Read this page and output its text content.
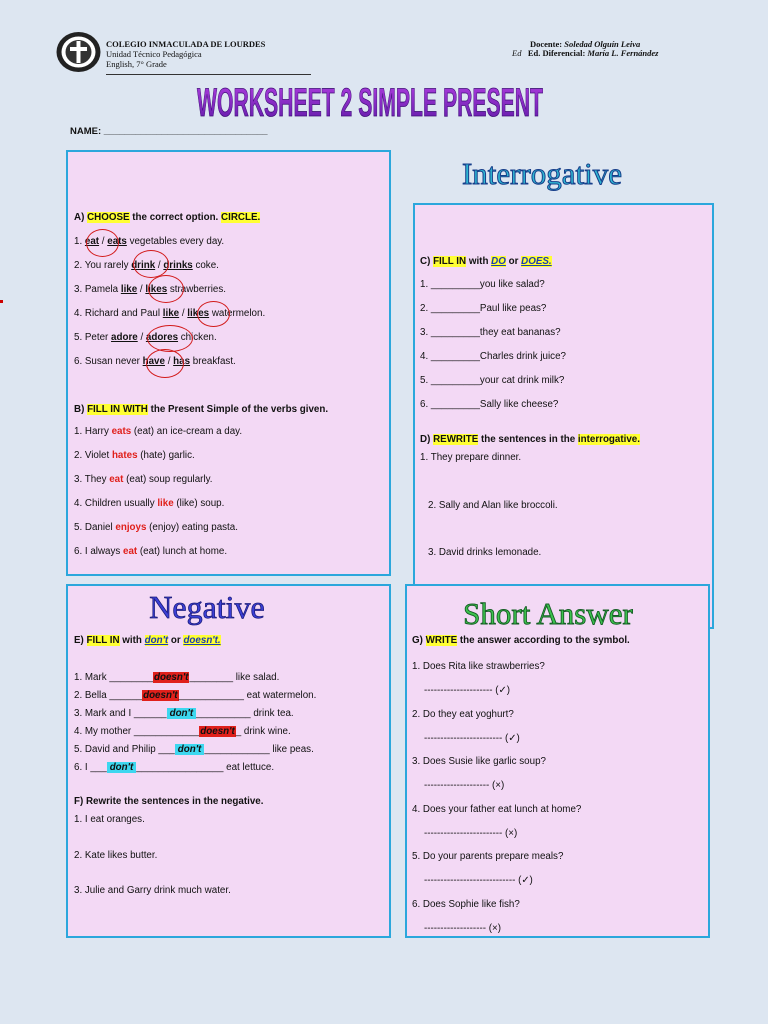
COLEGIO INMACULADA DE LOURDES
Unidad Técnico Pedagógica
English, 7° Grade
Docente: Soledad Olguín Leiva
Ed Ed. Diferencial: María L. Fernández
WORKSHEET 2 SIMPLE PRESENT
NAME: _______________________________
A) CHOOSE the correct option. CIRCLE.
1. eat / eats vegetables every day.
2. You rarely drink / drinks coke.
3. Pamela like / likes strawberries.
4. Richard and Paul like / likes watermelon.
5. Peter adore / adores chicken.
6. Susan never have / has breakfast.
B) FILL IN WITH the Present Simple of the verbs given.
1. Harry eats (eat) an ice-cream a day.
2. Violet hates (hate) garlic.
3. They eat (eat) soup regularly.
4. Children usually like (like) soup.
5. Daniel enjoys (enjoy) eating pasta.
6. I always eat (eat) lunch at home.
Interrogative
C) FILL IN with DO or DOES.
1. _________you like salad?
2. _________Paul like peas?
3. _________they eat bananas?
4. _________Charles drink juice?
5. _________your cat drink milk?
6. _________Sally like cheese?
D) REWRITE the sentences in the interrogative.
1. They prepare dinner.
2. Sally and Alan like broccoli.
3. David drinks lemonade.
E) FILL IN with don't or doesn't.
1. Mark ________doesn't________ like salad.
2. Bella ______doesn't____________ eat watermelon.
3. Mark and I ______ don't __________ drink tea.
4. My mother ____________doesn't_ drink wine.
5. David and Philip ___ don't ____________ like peas.
6. I ___ don't ________________ eat lettuce.
F) Rewrite the sentences in the negative.
1. I eat oranges.
2. Kate likes butter.
3. Julie and Garry drink much water.
Negative
G) WRITE the answer according to the symbol.
1. Does Rita like strawberries?
--------------------- (✓)
2. Do they eat yoghurt?
------------------------ (✓)
3. Does Susie like garlic soup?
-------------------- (×)
4. Does your father eat lunch at home?
------------------------ (×)
5. Do your parents prepare meals?
---------------------------- (✓)
6. Does Sophie like fish?
------------------- (×)
Short Answer
